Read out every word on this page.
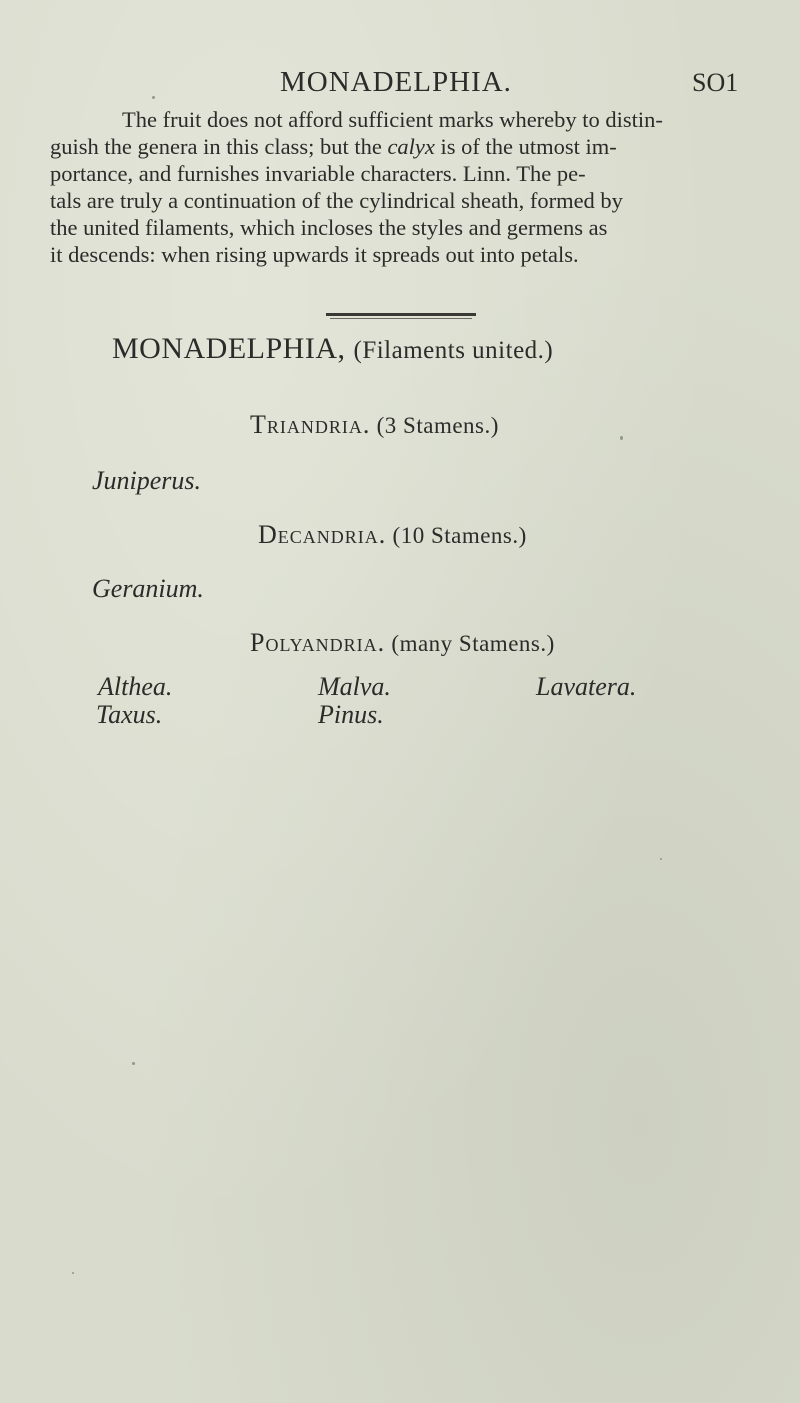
MONADELPHIA.	SO1
The fruit does not afford sufficient marks whereby to distin-
guish the genera in this class; but the calyx is of the utmost im-
portance, and furnishes invariable characters. Linn. The pe-
tals are truly a continuation of the cylindrical sheath, formed by
the united filaments, which incloses the styles and germens as
it descends: when rising upwards it spreads out into petals.
MONADELPHIA, (Filaments united.)
Triandria. (3 Stamens.)
Juniperus.
Decandria. (10 Stamens.)
Geranium.
Polyandria. (many Stamens.)
Althea.	Malva.	Lavatera.
Taxus.	Pinus.
